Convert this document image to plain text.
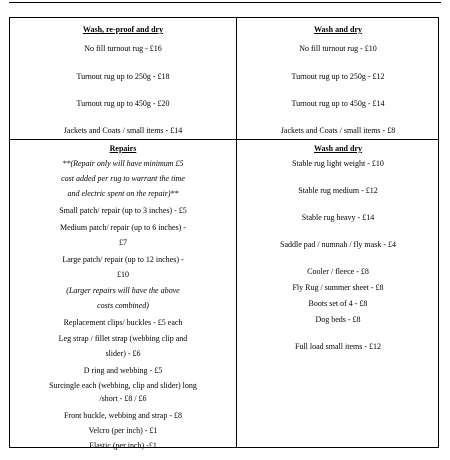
Wash, re-proof and dry
No fill turnout rug - £16
Turnout rug up to 250g - £18
Turnout rug up to 450g - £20
Jackets and Coats / small items - £14
Wash and dry
No fill turnout rug - £10
Turnout rug up to 250g - £12
Turnout rug up to 450g - £14
Jackets and Coats / small items - £8
Repairs
**(Repair only will have minimum £5
cost added per rug to warrant the time
and electric spent on the repair)**
Small patch/ repair (up to 3 inches) - £5
Medium patch/ repair (up to 6 inches) -
£7
Large patch/ repair (up to 12 inches) -
£10
(Larger repairs will have the above
costs combined)
Replacement clips/ buckles - £5 each
Leg strap / fillet strap (webbing clip and
slider) - £6
D ring and webbing - £5
Surcingle each (webbing, clip and slider) long
/short - £8 / £6
Front buckle, webbing and strap - £8
Velcro (per inch) - £1
Elastic (per inch) -£1
Wash and dry
Stable rug light weight - £10
Stable rug medium - £12
Stable rug heavy - £14
Saddle pad / numnah / fly mask - £4
Cooler / fleece - £8
Fly Rug / summer sheet - £8
Boots set of 4 - £8
Dog beds - £8
Full load small items - £12
